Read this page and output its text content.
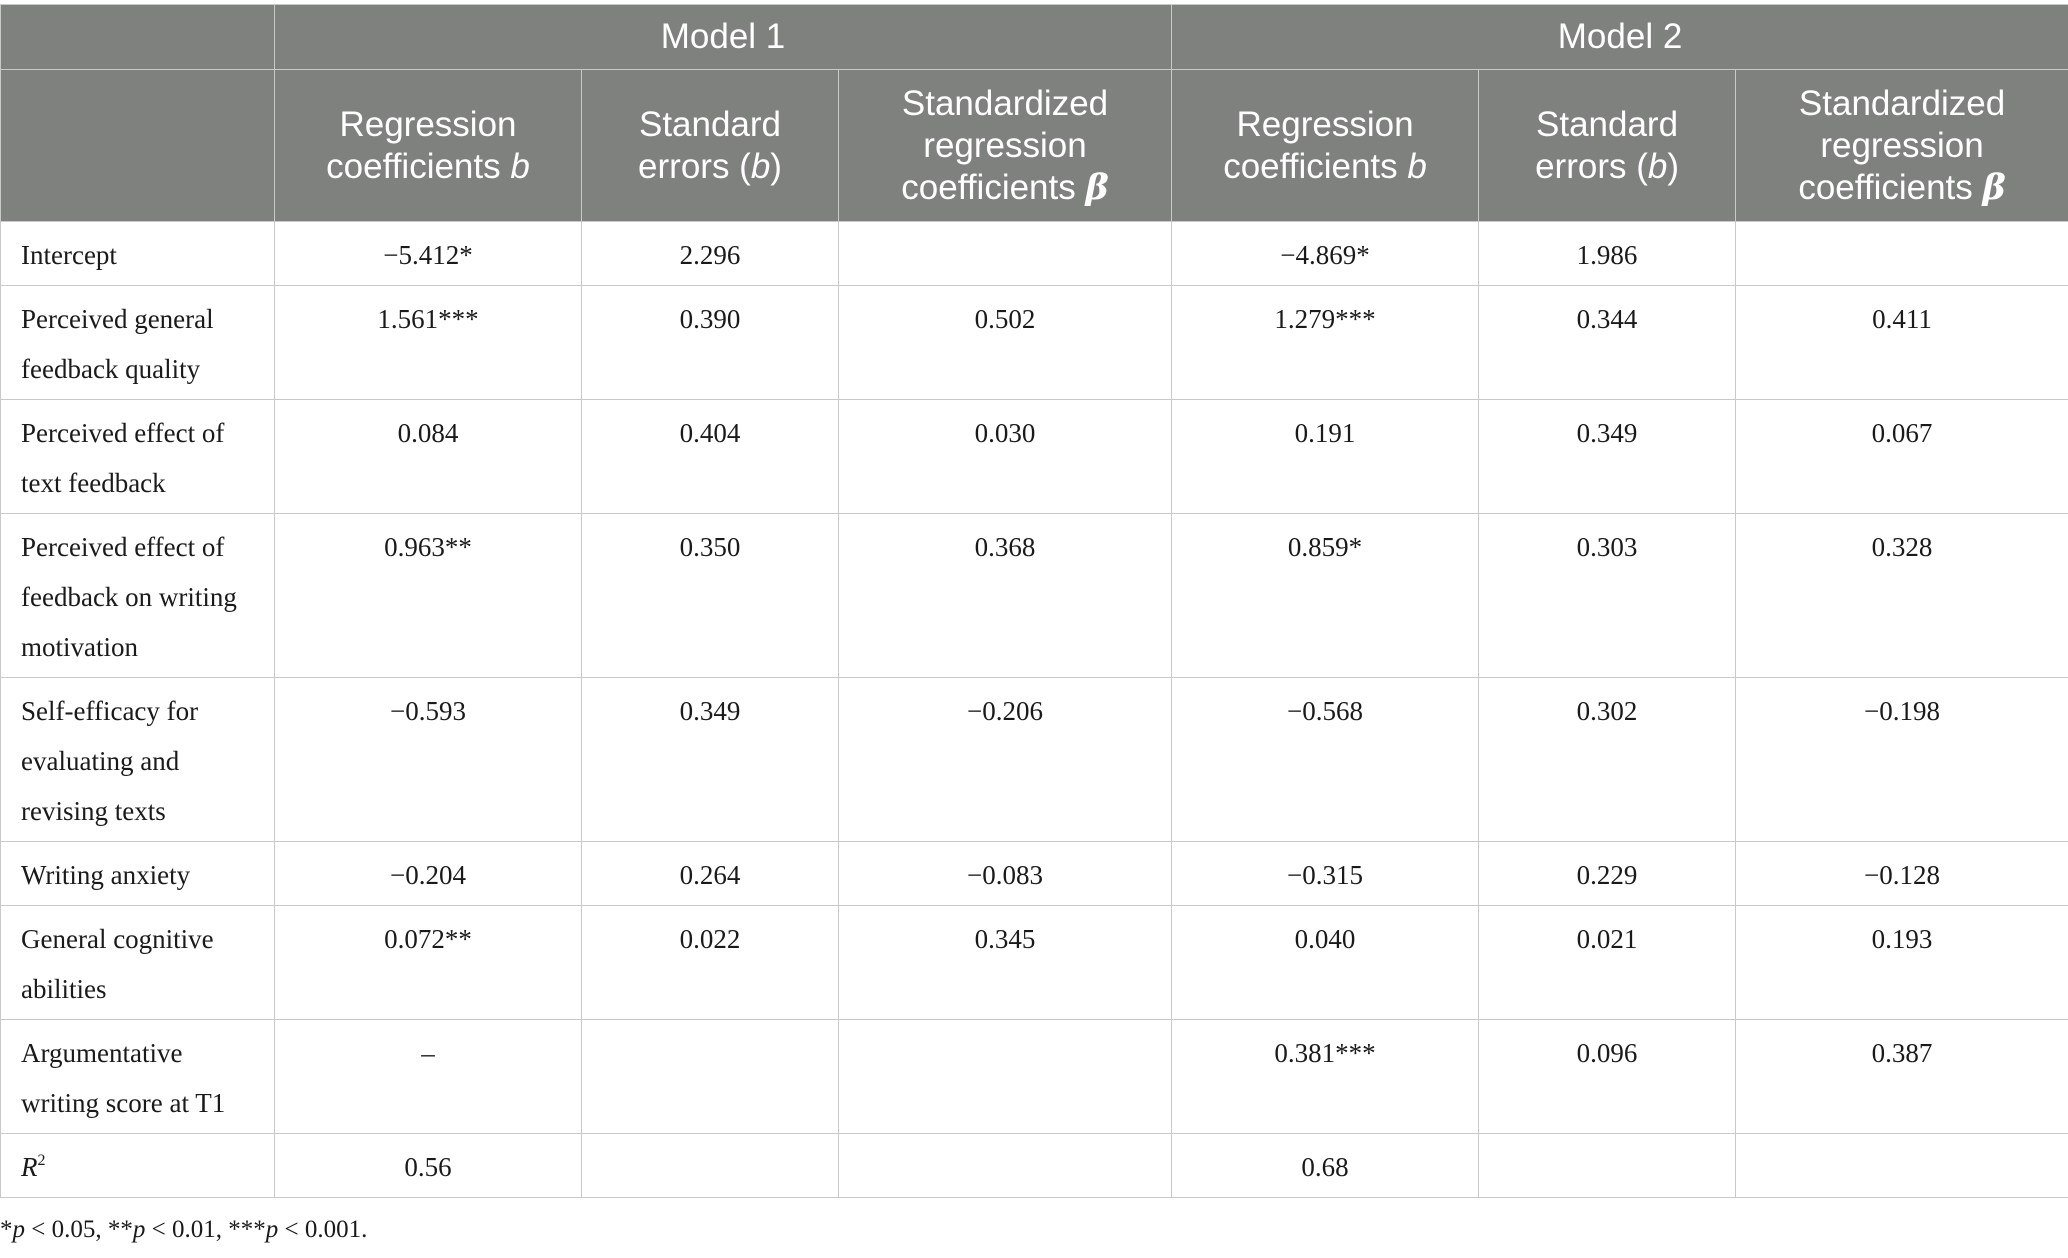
	Model 1			Model 2		
	Regression coefficients b	Standard errors (b)	Standardized regression coefficients β	Regression coefficients b	Standard errors (b)	Standardized regression coefficients β
Intercept	−5.412*	2.296		−4.869*	1.986	
Perceived general feedback quality	1.561***	0.390	0.502	1.279***	0.344	0.411
Perceived effect of text feedback	0.084	0.404	0.030	0.191	0.349	0.067
Perceived effect of feedback on writing motivation	0.963**	0.350	0.368	0.859*	0.303	0.328
Self-efficacy for evaluating and revising texts	−0.593	0.349	−0.206	−0.568	0.302	−0.198
Writing anxiety	−0.204	0.264	−0.083	−0.315	0.229	−0.128
General cognitive abilities	0.072**	0.022	0.345	0.040	0.021	0.193
Argumentative writing score at T1	–			0.381***	0.096	0.387
$R^2$	0.56			0.68		
*p < 0.05, **p < 0.01, ***p < 0.001.
